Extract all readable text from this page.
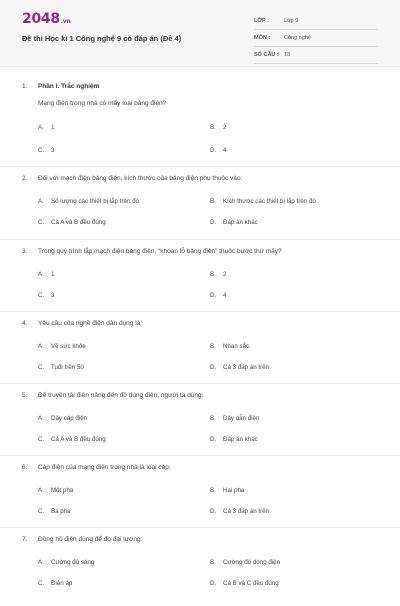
2048.vn
Đề thi Học kì 1 Công nghệ 9 có đáp án (Đề 4)
LỚP :	Lớp 9
MÔN :	Công nghệ
SỐ CÂU : 13
1. Phần I. Trắc nghiệm
Mạng điện trong nhà có mấy loại bảng điện?
A. 1	B. 2
C. 3	D. 4
2. Đối với mạch điện bảng điện, kích thước của bảng điện phụ thuộc vào:
A. Số lượng các thiết bị lắp trên đó	B. Kích thước các thiết bị lắp trên đó
C. Cả A và B đều đúng	D. Đáp án khác
3. Trong quy trình lắp mạch điện bảng điện, “khoan lỗ bảng điện” thuộc bước thứ mấy?
A. 1	B. 2
C. 3	D. 4
4. Yêu cầu của nghề điện dân dụng là:
A. Về sức khỏe	B. Nhan sắc
C. Tuổi trên 50	D. Cả 3 đáp án trên
5. Để truyền tải điện năng đến đồ dùng điện, người ta dùng:
A. Dây cáp điện	B. Dây dẫn điện
C. Cả A và B đều đúng	D. Đáp án khác
6. Cáp điện của mạng điện trong nhà là loại cáp:
A. Một pha	B. Hai pha
C. Ba pha	D. Cả 3 đáp án trên
7. Đồng hồ điện dùng để đo đại lượng:
A. Cường độ sáng	B. Cường độ dòng điện
C. Điện áp	D. Cả B và C đều đúng
